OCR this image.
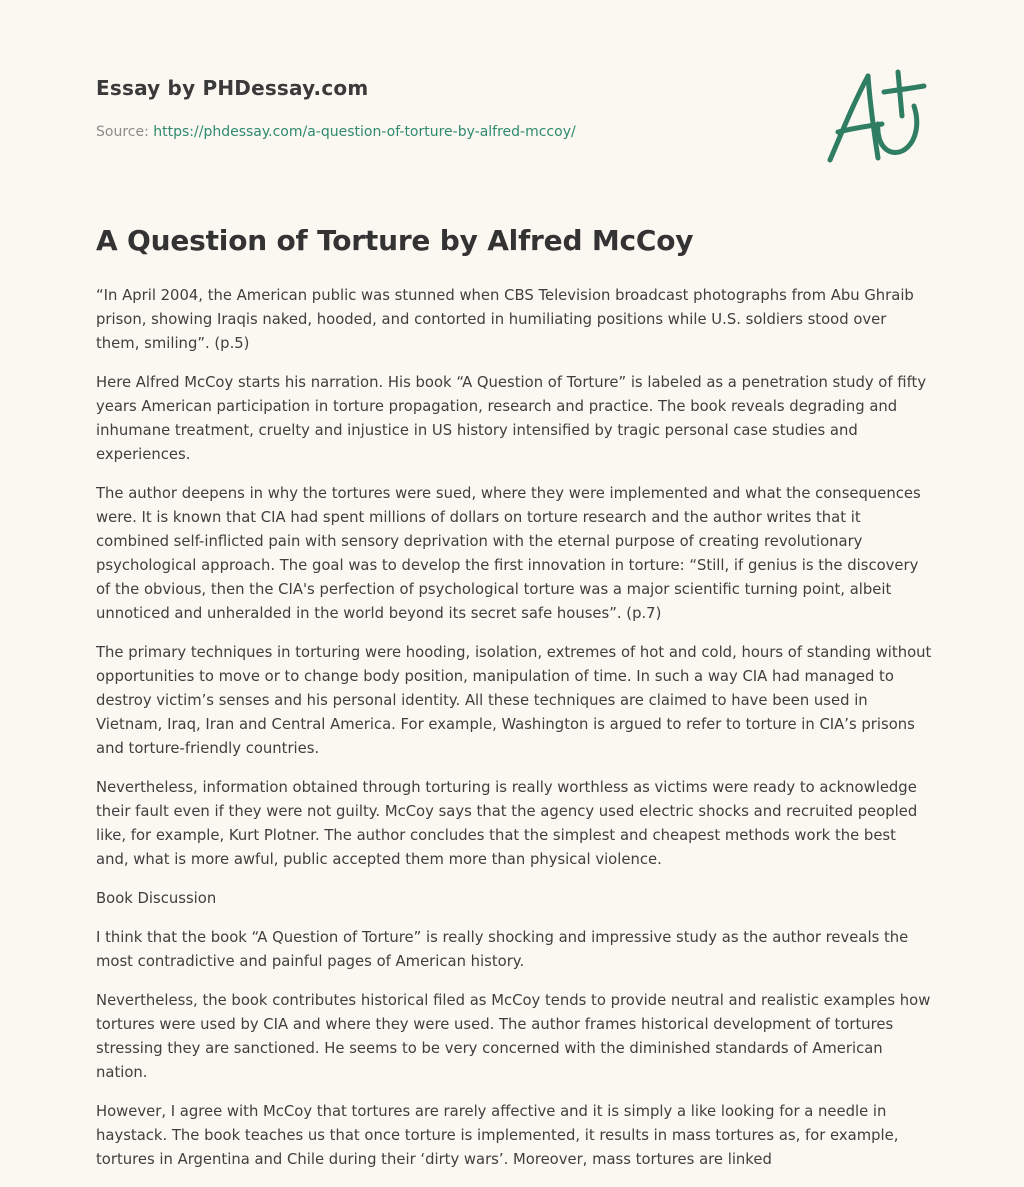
Essay by PHDessay.com
Source: https://phdessay.com/a-question-of-torture-by-alfred-mccoy/
A Question of Torture by Alfred McCoy

“In April 2004, the American public was stunned when CBS Television broadcast photographs from Abu Ghraib prison, showing Iraqis naked, hooded, and contorted in humiliating positions while U.S. soldiers stood over them, smiling”. (p.5)

Here Alfred McCoy starts his narration. His book “A Question of Torture” is labeled as a penetration study of fifty years American participation in torture propagation, research and practice. The book reveals degrading and inhumane treatment, cruelty and injustice in US history intensified by tragic personal case studies and experiences.

The author deepens in why the tortures were sued, where they were implemented and what the consequences were. It is known that CIA had spent millions of dollars on torture research and the author writes that it combined self-inflicted pain with sensory deprivation with the eternal purpose of creating revolutionary psychological approach. The goal was to develop the first innovation in torture: “Still, if genius is the discovery of the obvious, then the CIA's perfection of psychological torture was a major scientific turning point, albeit unnoticed and unheralded in the world beyond its secret safe houses”. (p.7)

The primary techniques in torturing were hooding, isolation, extremes of hot and cold, hours of standing without opportunities to move or to change body position, manipulation of time. In such a way CIA had managed to destroy victim’s senses and his personal identity. All these techniques are claimed to have been used in Vietnam, Iraq, Iran and Central America. For example, Washington is argued to refer to torture in CIA’s prisons and torture-friendly countries.

Nevertheless, information obtained through torturing is really worthless as victims were ready to acknowledge their fault even if they were not guilty. McCoy says that the agency used electric shocks and recruited peopled like, for example, Kurt Plotner. The author concludes that the simplest and cheapest methods work the best and, what is more awful, public accepted them more than physical violence.

Book Discussion

I think that the book “A Question of Torture” is really shocking and impressive study as the author reveals the most contradictive and painful pages of American history.

Nevertheless, the book contributes historical filed as McCoy tends to provide neutral and realistic examples how tortures were used by CIA and where they were used. The author frames historical development of tortures stressing they are sanctioned. He seems to be very concerned with the diminished standards of American nation.

However, I agree with McCoy that tortures are rarely affective and it is simply a like looking for a needle in haystack. The book teaches us that once torture is implemented, it results in mass tortures as, for example, tortures in Argentina and Chile during their ‘dirty wars’. Moreover, mass tortures are linked
